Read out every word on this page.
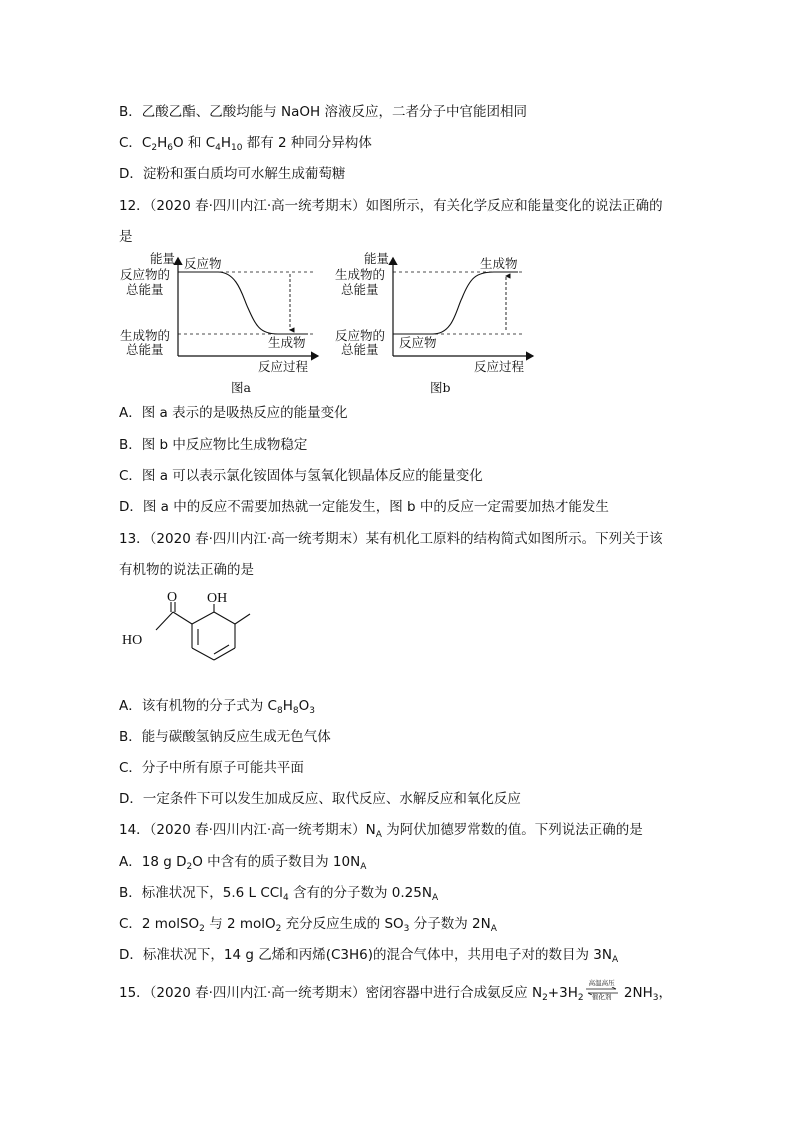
B．乙酸乙酯、乙酸均能与 NaOH 溶液反应，二者分子中官能团相同
C．$C_2H_6O$ 和 $C_4H_{10}$ 都有 2 种同分异构体
D．淀粉和蛋白质均可水解生成葡萄糖
12．（2020 春·四川内江·高一统考期末）如图所示，有关化学反应和能量变化的说法正确的
是
能量
反应物的
总能量
生成物的
总能量
反应物
生成物
反应过程
图a
能量
生成物的
总能量
反应物的
总能量 反应物
生成物
反应过程
图b
A．图 a 表示的是吸热反应的能量变化
B．图 b 中反应物比生成物稳定
C．图 a 可以表示氯化铵固体与氢氧化钡晶体反应的能量变化
D．图 a 中的反应不需要加热就一定能发生，图 b 中的反应一定需要加热才能发生
13．（2020 春·四川内江·高一统考期末）某有机化工原料的结构简式如图所示。下列关于该
有机物的说法正确的是
O OH
HO
A．该有机物的分子式为 $C_8H_8O_3$
B．能与碳酸氢钠反应生成无色气体
C．分子中所有原子可能共平面
D．一定条件下可以发生加成反应、取代反应、水解反应和氧化反应
14．（2020 春·四川内江·高一统考期末）$N_A$ 为阿伏加德罗常数的值。下列说法正确的是
A．18 g $D_2O$ 中含有的质子数目为 $10N_A$
B．标准状况下，5.6 L CCl$_4$ 含有的分子数为 $0.25N_A$
C．2 molSO$_2$ 与 2 molO$_2$ 充分反应生成的 $SO_3$ 分子数为 $2N_A$
D．标准状况下，14 g 乙烯和丙烯(C3H6)的混合气体中，共用电子对的数目为 $3N_A$
15．（2020 春·四川内江·高一统考期末）密闭容器中进行合成氨反应 $N_2+3H_2$
高温高压
催化剂 $2NH_3$，
